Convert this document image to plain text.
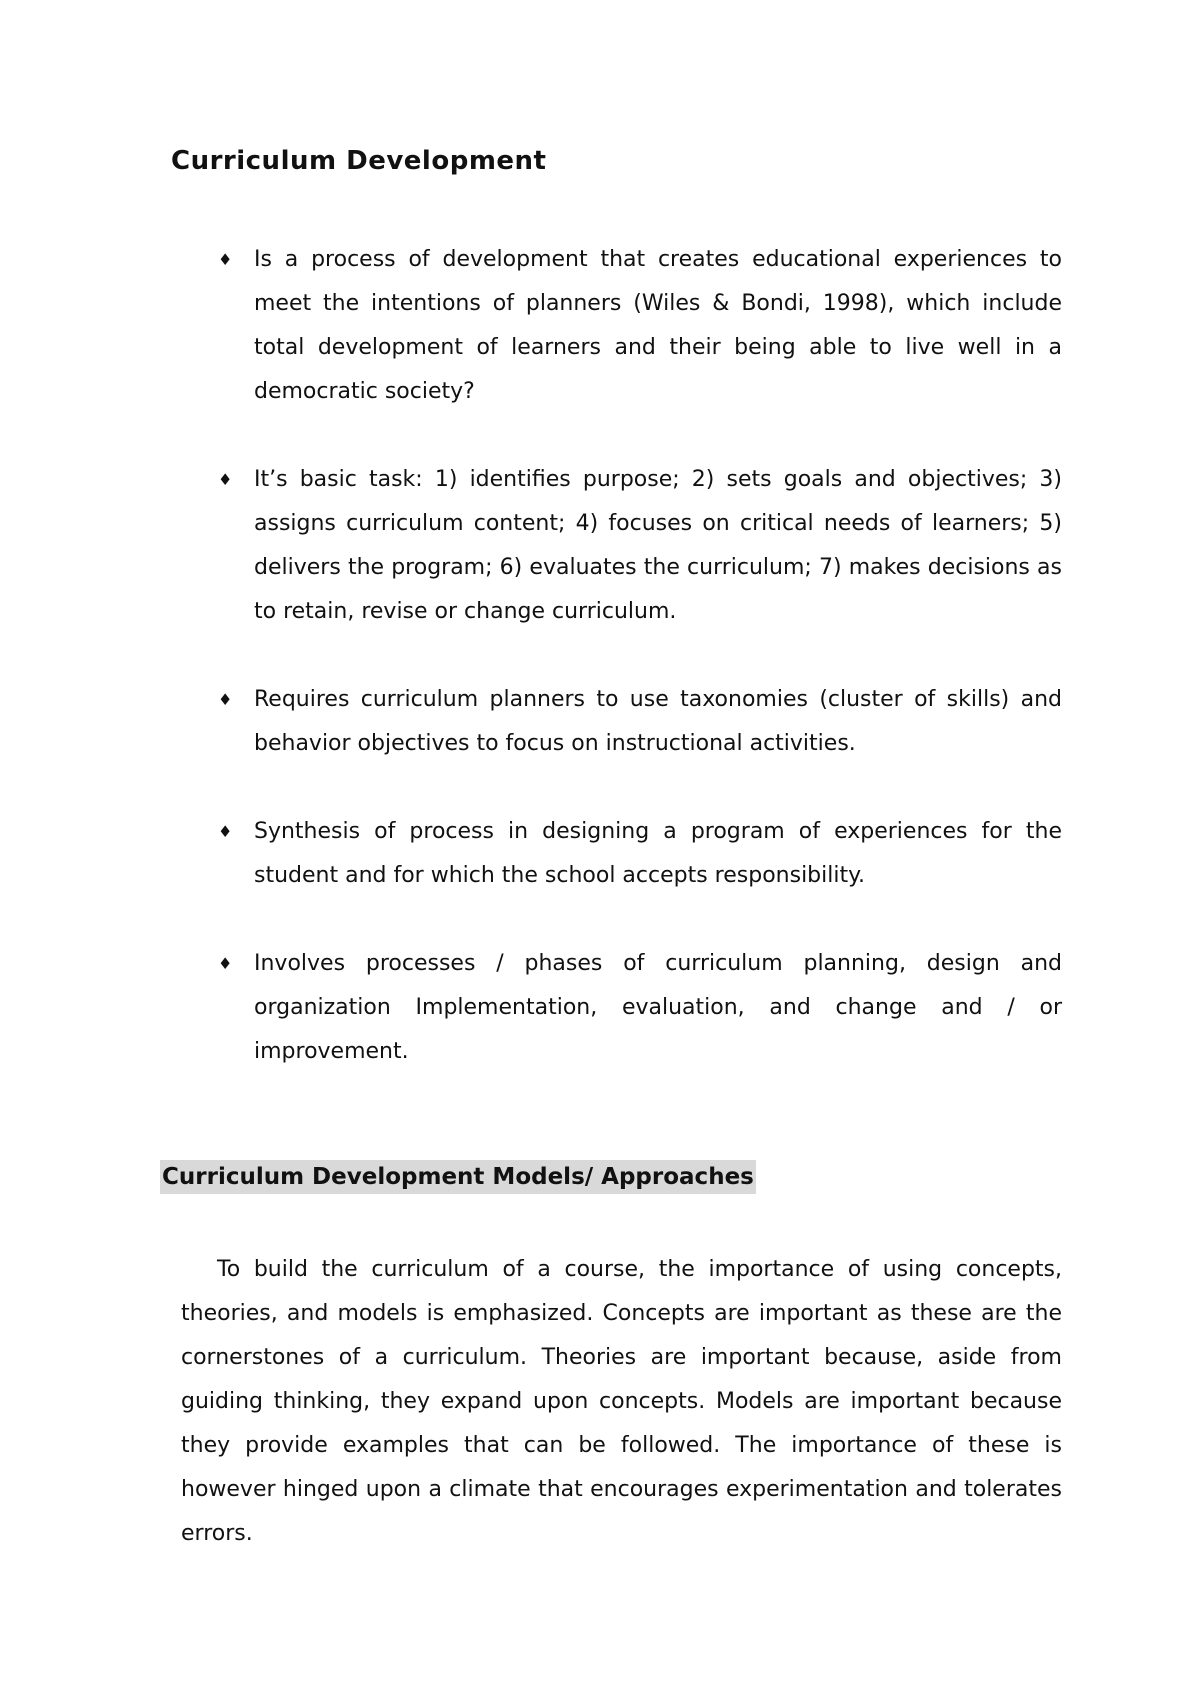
Curriculum Development
♦ Is a process of development that creates educational experiences to meet the intentions of planners (Wiles & Bondi, 1998), which include total development of learners and their being able to live well in a democratic society?
♦ It’s basic task: 1) identifies purpose; 2) sets goals and objectives; 3) assigns curriculum content; 4) focuses on critical needs of learners; 5) delivers the program; 6) evaluates the curriculum; 7) makes decisions as to retain, revise or change curriculum.
♦ Requires curriculum planners to use taxonomies (cluster of skills) and behavior objectives to focus on instructional activities.
♦ Synthesis of process in designing a program of experiences for the student and for which the school accepts responsibility.
♦ Involves processes / phases of curriculum planning, design and organization Implementation, evaluation, and change and / or improvement.
Curriculum Development Models/ Approaches

To build the curriculum of a course, the importance of using concepts, theories, and models is emphasized. Concepts are important as these are the cornerstones of a curriculum. Theories are important because, aside from guiding thinking, they expand upon concepts. Models are important because they provide examples that can be followed. The importance of these is however hinged upon a climate that encourages experimentation and tolerates errors.
